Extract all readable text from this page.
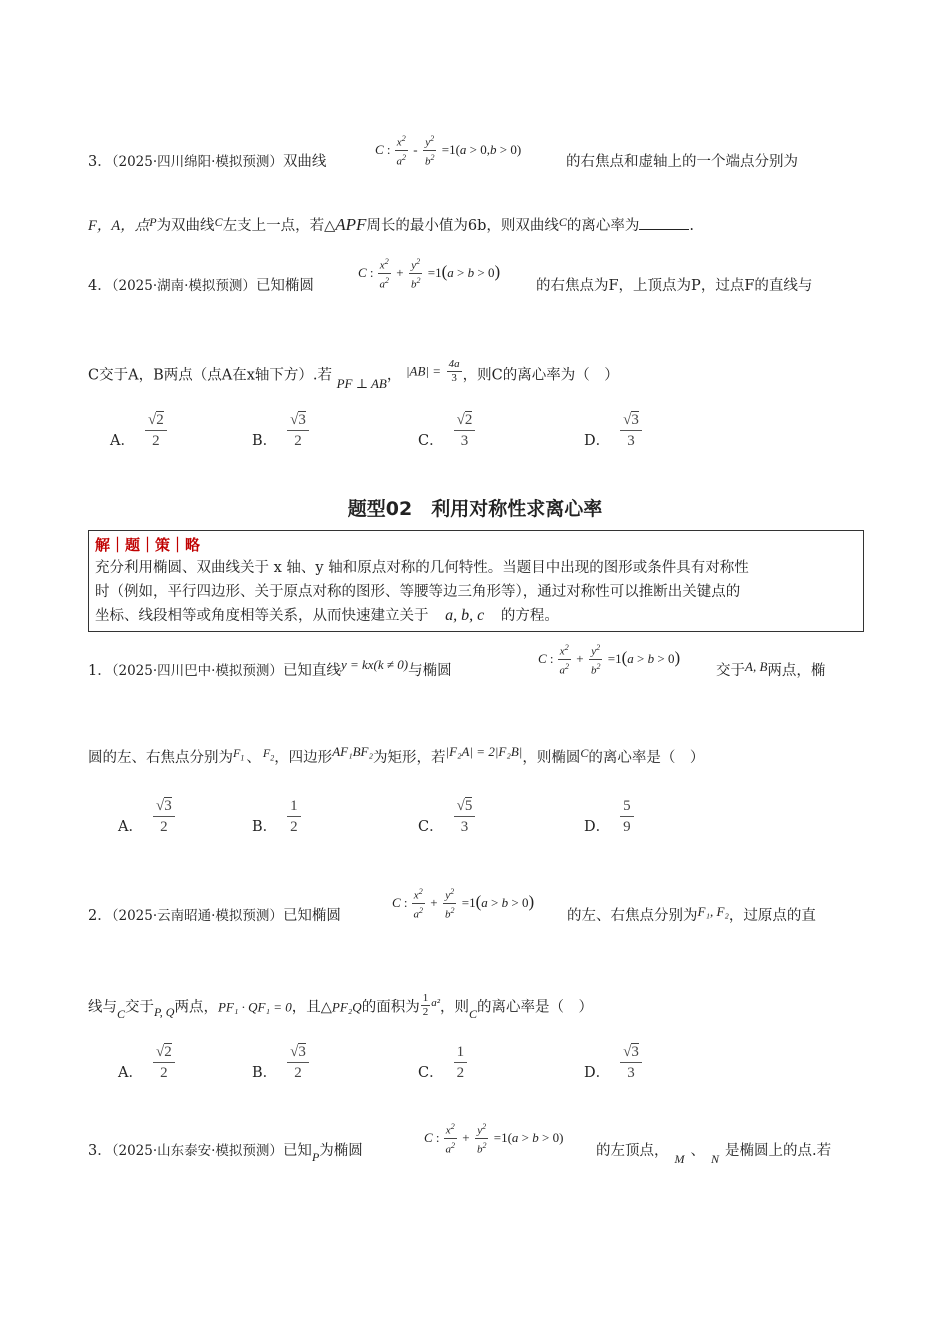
3．（2025·四川绵阳·模拟预测）双曲线
C : $\frac{x^2}{a^2} - \frac{y^2}{b^2} =1(a > 0,b > 0)$
的右焦点和虚轴上的一个端点分别为
F，A，点$^P$为双曲线$^C$左支上一点，若△APF周长的最小值为6b，则双曲线$^C$的离心率为	.
4．（2025·湖南·模拟预测）已知椭圆
C : $\frac{x^2}{a^2} + \frac{y^2}{b^2} =1(a > b > 0)$
的右焦点为F，上顶点为P，过点F的直线与
C交于A，B两点（点A在x轴下方）.若 PF ⊥ AB， $|AB| = \frac{4a}{3}$ ，则C的离心率为（　）
A．
√2
2	B．
√3
2	C．
√2
3	D．
√3
3
题型02　利用对称性求离心率
解｜题｜策｜略
充分利用椭圆、双曲线关于 x 轴、y 轴和原点对称的几何特性。当题目中出现的图形或条件具有对称性
时（例如，平行四边形、关于原点对称的图形、等腰等边三角形等），通过对称性可以推断出关键点的
坐标、线段相等或角度相等关系，从而快速建立关于 a, b, c 的方程。
1．（2025·四川巴中·模拟预测）已知直线y = kx(k ≠ 0)与椭圆
C : $\frac{x^2}{a^2} + \frac{y^2}{b^2} =1(a > b > 0)$
交于A, B两点，椭
圆的左、右焦点分别为$^{F_1}$ 、 $^{F_2}$，四边形AF₁BF₂为矩形，若|F₂A| = 2|F₂B|，则椭圆$^C$的离心率是（　）
A．
√3
2	B．
1
2	C．
√5
3	D．
5
9
2．（2025·云南昭通·模拟预测）已知椭圆
C : $\frac{x^2}{a^2} + \frac{y^2}{b^2} =1(a > b > 0)$
的左、右焦点分别为F₁, F₂，过原点的直
线与$_C$交于$_{P, Q}$两点，PF₁ · QF₁ = 0，且△PF₂Q的面积为 $\frac{1}{2} ^{a^2}$，则$_C$的离心率是（　）
A．
√2
2	B．
√3
2	C．
1
2	D．
√3
3
3．（2025·山东泰安·模拟预测）已知$_P$为椭圆
C : $\frac{x^2}{a^2} + \frac{y^2}{b^2} =1(a > b > 0)$
的左顶点， $_M$ 、 $_N$ 是椭圆上的点.若
